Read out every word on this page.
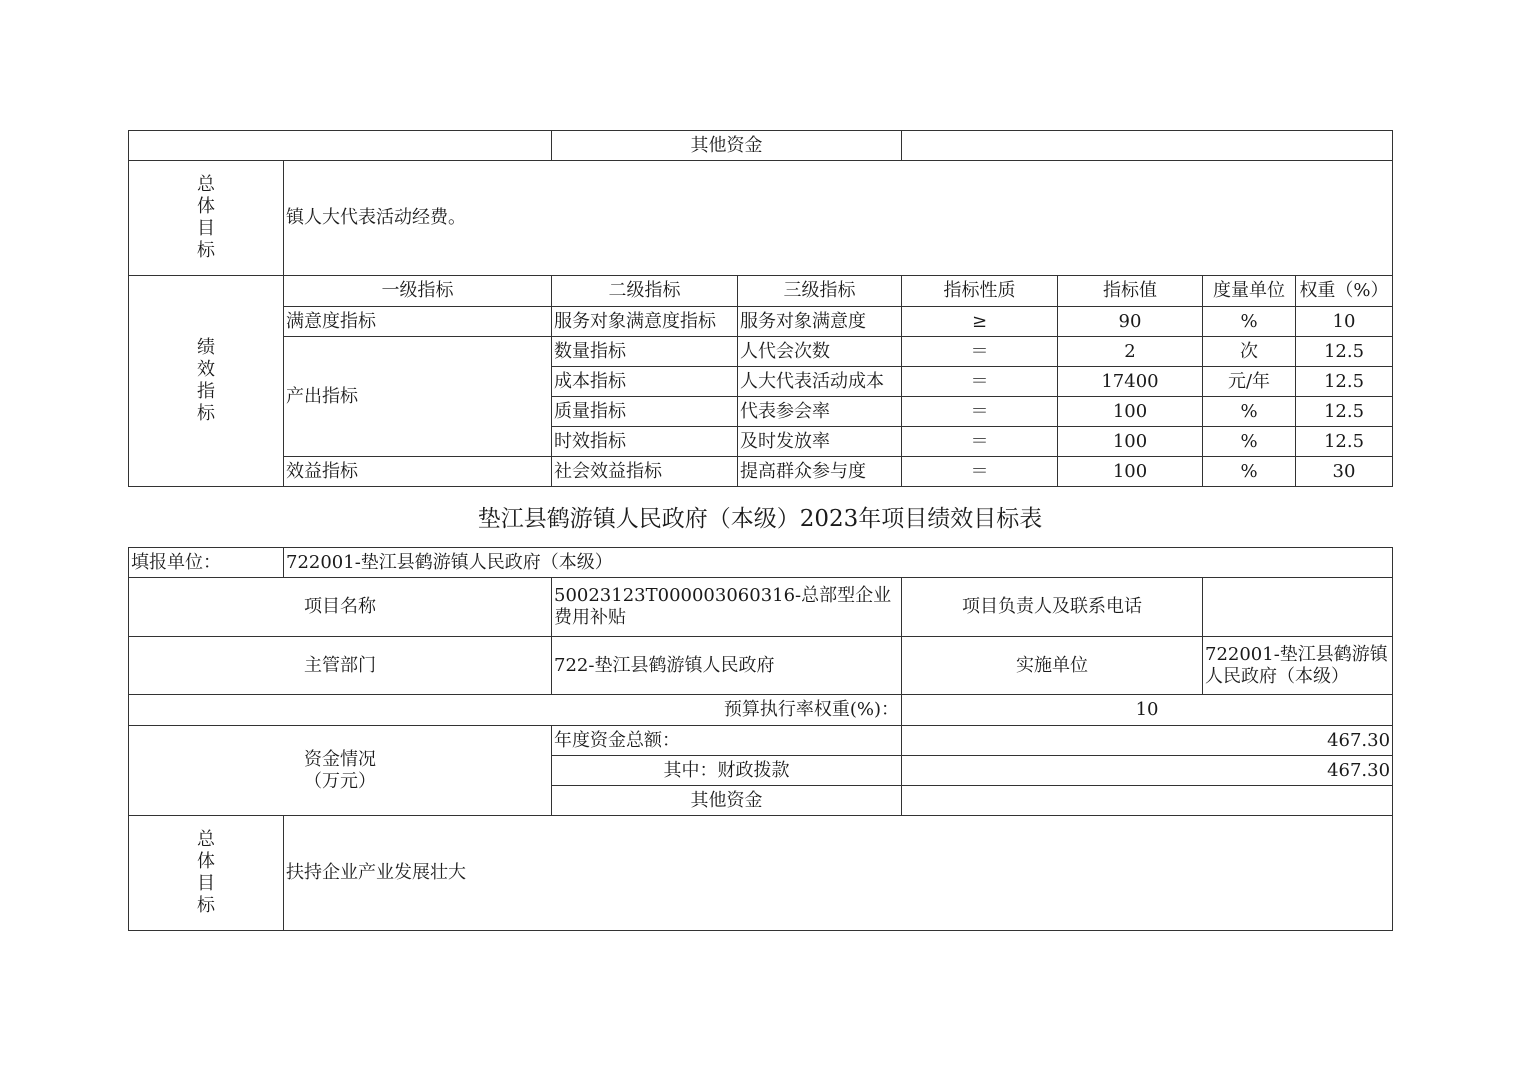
		其他资金					

总
体
目
标	镇人大代表活动经费。						

绩
效
指
标	一级指标	二级指标	三级指标	指标性质	指标值	度量单位	权重（%）
	满意度指标	服务对象满意度指标	服务对象满意度	≥	90	%	10
	产出指标	数量指标	人代会次数	＝	2	次	12.5
		成本指标	人大代表活动成本	＝	17400	元/年	12.5
		质量指标	代表参会率	＝	100	%	12.5
		时效指标	及时发放率	＝	100	%	12.5
	效益指标	社会效益指标	提高群众参与度	＝	100	%	30
垫江县鹤游镇人民政府（本级）2023年项目绩效目标表
填报单位：	722001-垫江县鹤游镇人民政府（本级）			
项目名称		50023123T000003060316-总部型企业费用补贴	项目负责人及联系电话	
主管部门		722-垫江县鹤游镇人民政府	实施单位	722001-垫江县鹤游镇人民政府（本级）
预算执行率权重(%)：			10	

资金情况
（万元）		年度资金总额：	467.30	
		其中：财政拨款	467.30	
		其他资金		

总
体
目
标	扶持企业产业发展壮大			
